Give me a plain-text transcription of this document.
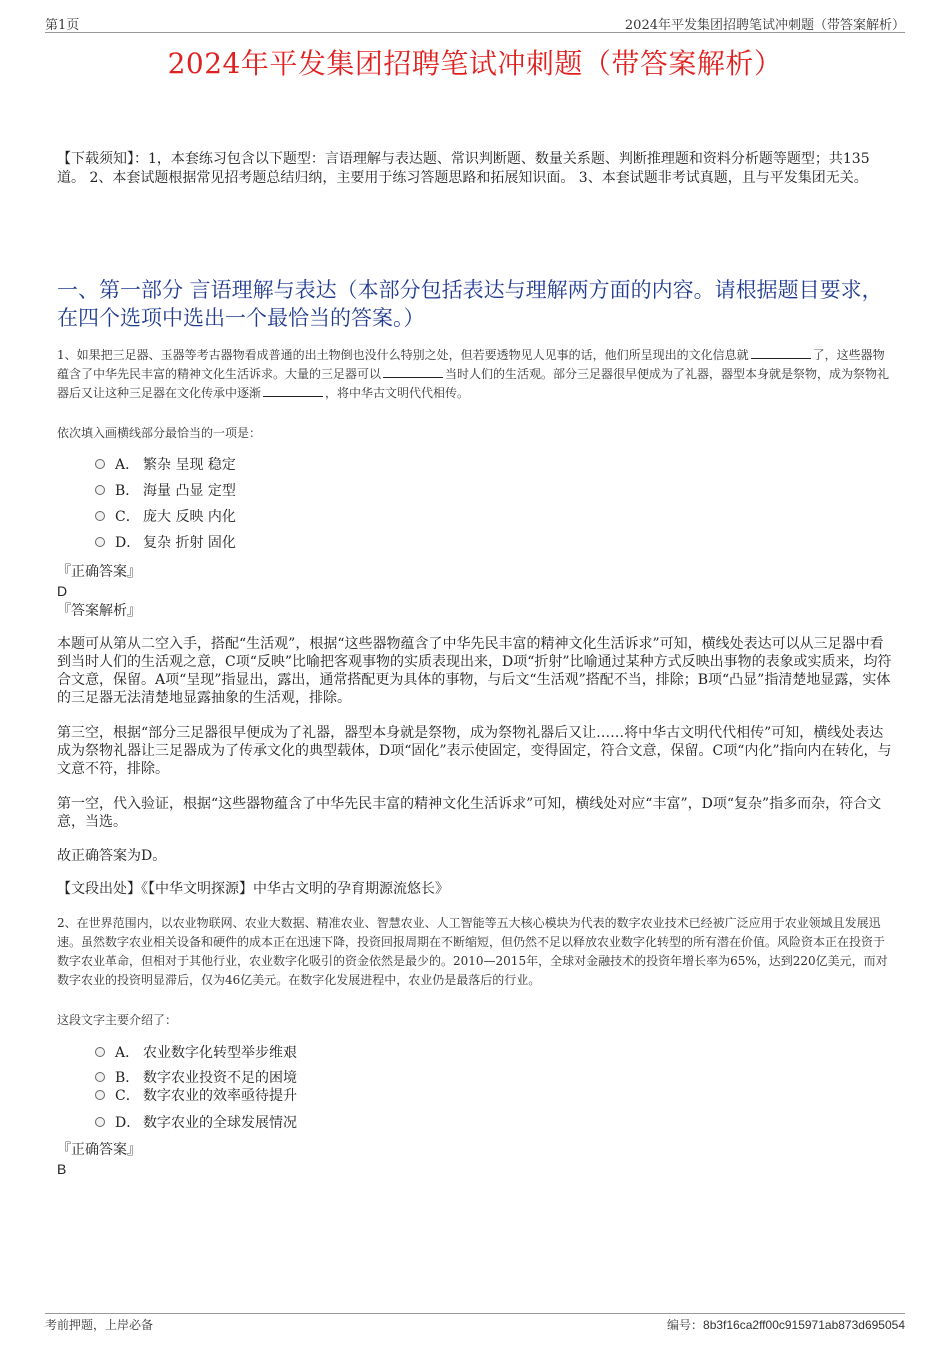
第1页	2024年平发集团招聘笔试冲刺题（带答案解析）
2024年平发集团招聘笔试冲刺题（带答案解析）
【下载须知】：1，本套练习包含以下题型：言语理解与表达题、常识判断题、数量关系题、判断推理题和资料分析题等题型；共135道。 2、本套试题根据常见招考题总结归纳，主要用于练习答题思路和拓展知识面。 3、本套试题非考试真题，且与平发集团无关。
一、第一部分 言语理解与表达（本部分包括表达与理解两方面的内容。请根据题目要求，在四个选项中选出一个最恰当的答案。）
1、如果把三足器、玉器等考古器物看成普通的出土物倒也没什么特别之处，但若要透物见人见事的话，他们所呈现出的文化信息就	了，这些器物蕴含了中华先民丰富的精神文化生活诉求。大量的三足器可以	当时人们的生活观。部分三足器很早便成为了礼器，器型本身就是祭物，成为祭物礼器后又让这种三足器在文化传承中逐渐	，将中华古文明代代相传。
依次填入画横线部分最恰当的一项是：
A． 繁杂 呈现 稳定
B． 海量 凸显 定型
C． 庞大 反映 内化
D． 复杂 折射 固化
『正确答案』
D
『答案解析』
本题可从第从二空入手，搭配“生活观”，根据“这些器物蕴含了中华先民丰富的精神文化生活诉求”可知，横线处表达可以从三足器中看到当时人们的生活观之意，C项“反映”比喻把客观事物的实质表现出来，D项“折射”比喻通过某种方式反映出事物的表象或实质来，均符合文意，保留。A项“呈现”指显出，露出，通常搭配更为具体的事物，与后文“生活观”搭配不当，排除；B项“凸显”指清楚地显露，实体的三足器无法清楚地显露抽象的生活观，排除。
第三空，根据“部分三足器很早便成为了礼器，器型本身就是祭物，成为祭物礼器后又让……将中华古文明代代相传”可知，横线处表达成为祭物礼器让三足器成为了传承文化的典型载体，D项“固化”表示使固定，变得固定，符合文意，保留。C项“内化”指向内在转化，与文意不符，排除。
第一空，代入验证，根据“这些器物蕴含了中华先民丰富的精神文化生活诉求”可知，横线处对应“丰富”，D项“复杂”指多而杂，符合文意，当选。
故正确答案为D。
【文段出处】《【中华文明探源】中华古文明的孕育期源流悠长》
2、在世界范围内，以农业物联网、农业大数据、精准农业、智慧农业、人工智能等五大核心模块为代表的数字农业技术已经被广泛应用于农业领域且发展迅速。虽然数字农业相关设备和硬件的成本正在迅速下降，投资回报周期在不断缩短，但仍然不足以释放农业数字化转型的所有潜在价值。风险资本正在投资于数字农业革命，但相对于其他行业，农业数字化吸引的资金依然是最少的。2010—2015年，全球对金融技术的投资年增长率为65%，达到220亿美元，而对数字农业的投资明显滞后，仅为46亿美元。在数字化发展进程中，农业仍是最落后的行业。
这段文字主要介绍了：
A． 农业数字化转型举步维艰
B． 数字农业投资不足的困境
C． 数字农业的效率亟待提升
D． 数字农业的全球发展情况
『正确答案』
B
考前押题，上岸必备	编号：8b3f16ca2ff00c915971ab873d695054
